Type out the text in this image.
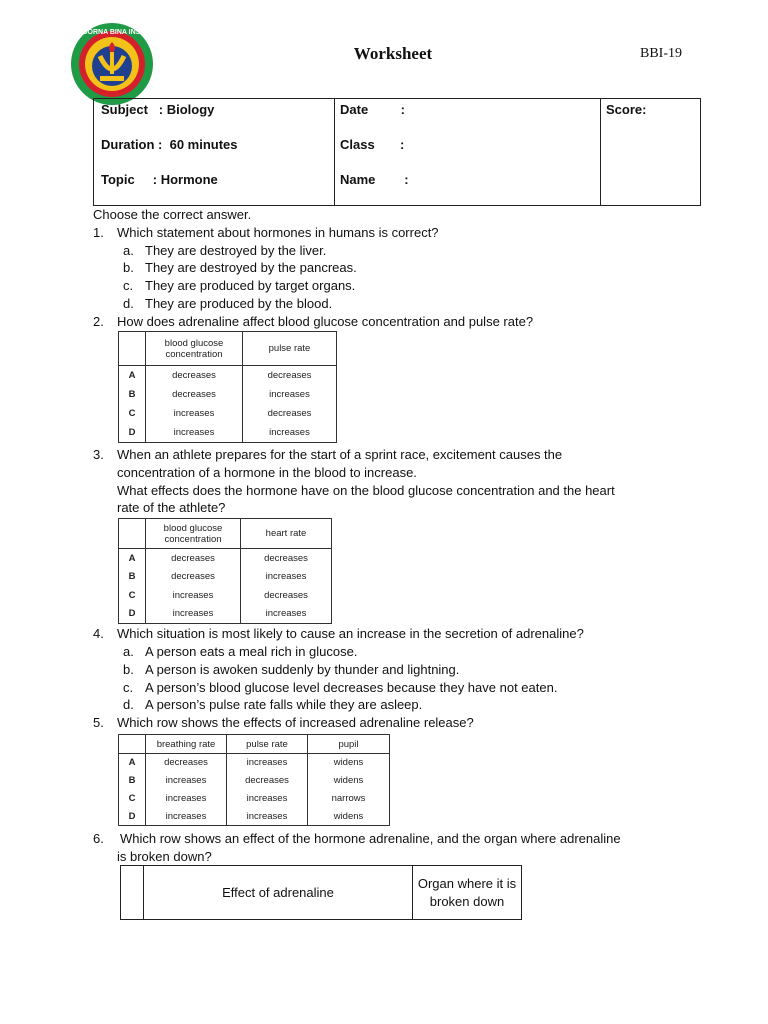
BOGORNA BINA INSANI
Worksheet	BBI-19
Subject   : Biology
Duration :  60 minutes
Topic     : Hormone
Date         :
Class       :
Name        :
Score:
Choose the correct answer.
1. Which statement about hormones in humans is correct?
a. They are destroyed by the liver.
b. They are destroyed by the pancreas.
c. They are produced by target organs.
d. They are produced by the blood.
2. How does adrenaline affect blood glucose concentration and pulse rate?
	blood glucose concentration	pulse rate
A	decreases	decreases
B	decreases	increases
C	increases	decreases
D	increases	increases
3. When an athlete prepares for the start of a sprint race, excitement causes the
concentration of a hormone in the blood to increase.
What effects does the hormone have on the blood glucose concentration and the heart
rate of the athlete?
	blood glucose concentration	heart rate
A	decreases	decreases
B	decreases	increases
C	increases	decreases
D	increases	increases
4. Which situation is most likely to cause an increase in the secretion of adrenaline?
a. A person eats a meal rich in glucose.
b. A person is awoken suddenly by thunder and lightning.
c. A person’s blood glucose level decreases because they have not eaten.
d. A person’s pulse rate falls while they are asleep.
5. Which row shows the effects of increased adrenaline release?
	breathing rate	pulse rate	pupil
A	decreases	increases	widens
B	increases	decreases	widens
C	increases	increases	narrows
D	increases	increases	widens
6. Which row shows an effect of the hormone adrenaline, and the organ where adrenaline
is broken down?
	Effect of adrenaline	Organ where it is broken down
